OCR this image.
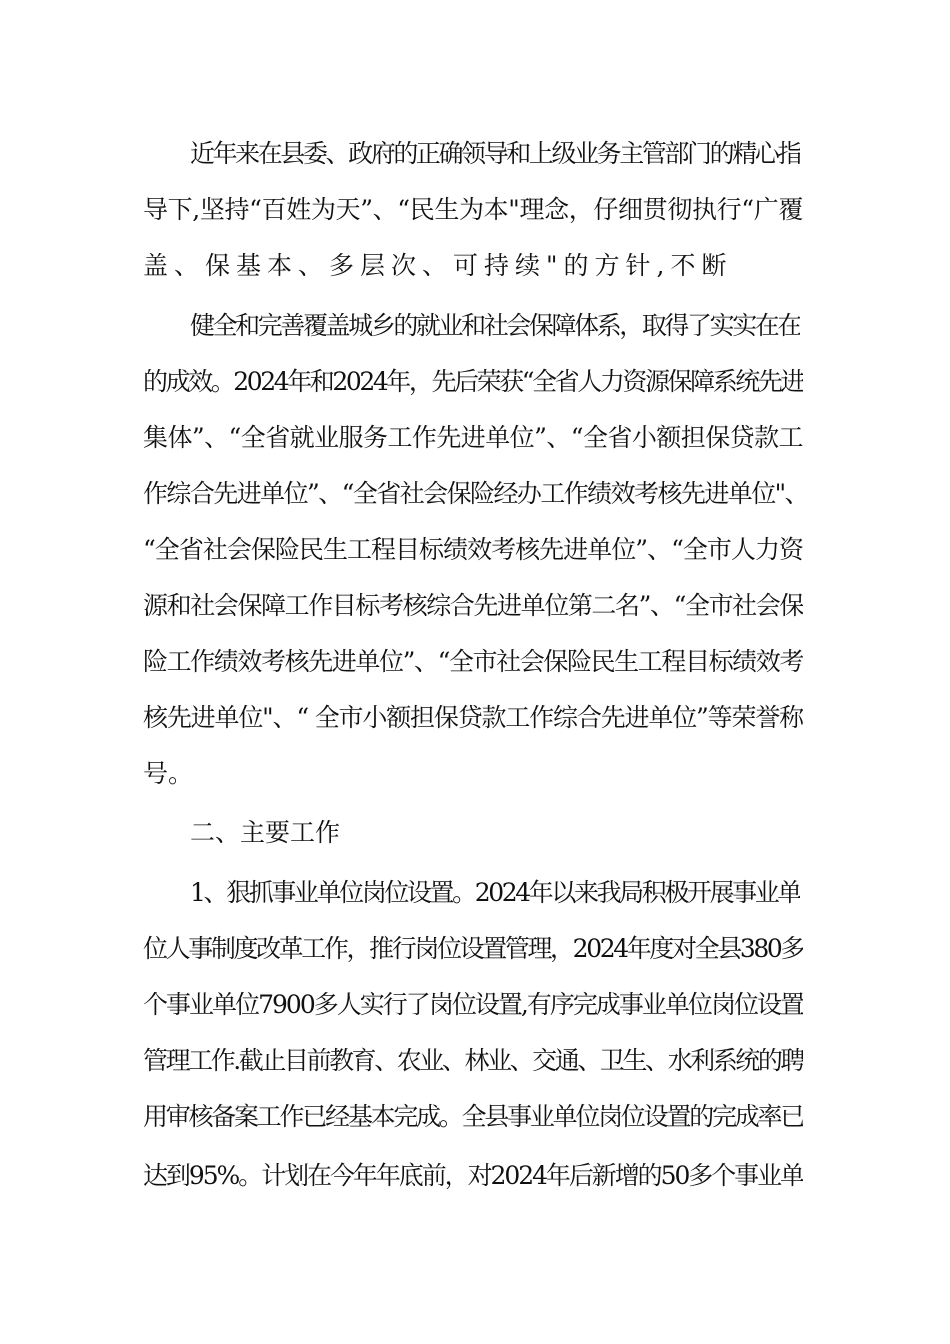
近年来在县委、政府的正确领导和上级业务主管部门的精心指
导下,坚持“百姓为天”、“民生为本"理念，仔细贯彻执行“广覆
盖、保基本、多层次、可持续"的方针,不断
健全和完善覆盖城乡的就业和社会保障体系，取得了实实在在
的成效。2024年和2024年，先后荣获“全省人力资源保障系统先进
集体”、“全省就业服务工作先进单位”、“全省小额担保贷款工
作综合先进单位”、“全省社会保险经办工作绩效考核先进单位"、
“全省社会保险民生工程目标绩效考核先进单位”、“全市人力资
源和社会保障工作目标考核综合先进单位第二名”、“全市社会保
险工作绩效考核先进单位”、“全市社会保险民生工程目标绩效考
核先进单位"、“ 全市小额担保贷款工作综合先进单位”等荣誉称
号。
二、主要工作
1、狠抓事业单位岗位设置。2024年以来我局积极开展事业单
位人事制度改革工作，推行岗位设置管理，2024年度对全县380多
个事业单位7900多人实行了岗位设置,有序完成事业单位岗位设置
管理工作.截止目前教育、农业、林业、交通、卫生、水利系统的聘
用审核备案工作已经基本完成。全县事业单位岗位设置的完成率已
达到95%。计划在今年年底前，对2024年后新增的50多个事业单
